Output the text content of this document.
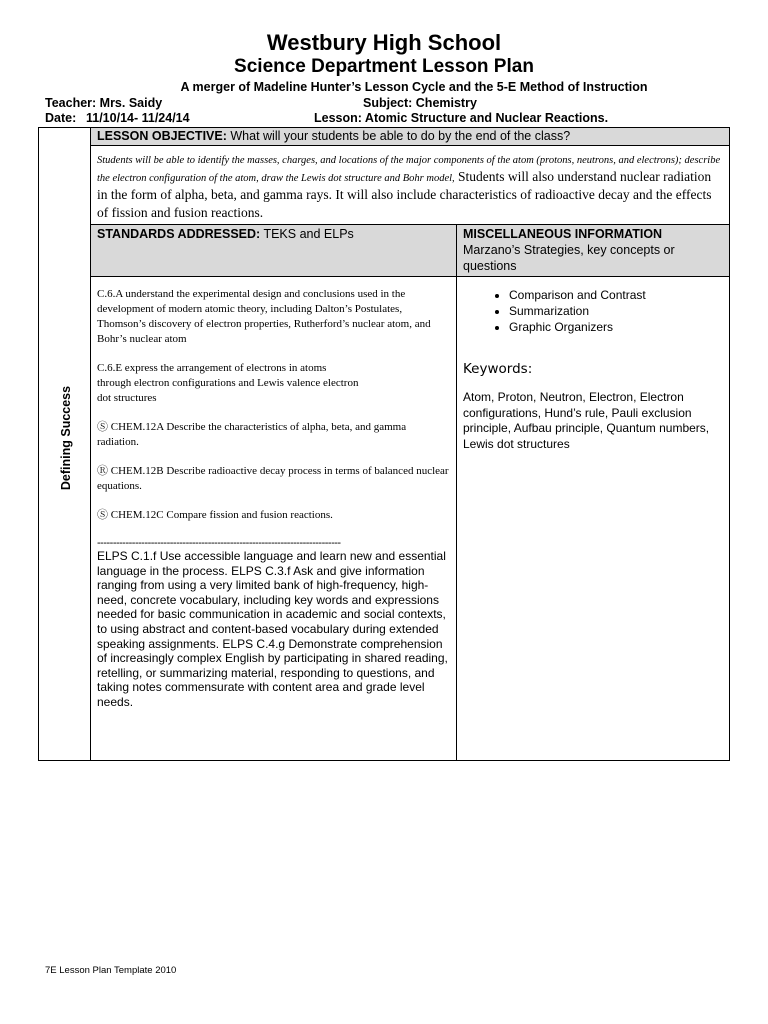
Westbury High School
Science Department Lesson Plan
A merger of Madeline Hunter’s Lesson Cycle and the 5-E Method of Instruction
Teacher: Mrs. Saidy	Subject: Chemistry
Date: 11/10/14- 11/24/14	Lesson: Atomic Structure and Nuclear Reactions.
Defining Success
LESSON OBJECTIVE: What will your students be able to do by the end of the class?
Students will be able to identify the masses, charges, and locations of the major components of the atom (protons, neutrons, and electrons); describe the electron configuration of the atom, draw the Lewis dot structure and Bohr model, Students will also understand nuclear radiation in the form of alpha, beta, and gamma rays. It will also include characteristics of radioactive decay and the effects of fission and fusion reactions.
STANDARDS ADDRESSED: TEKS and ELPs	MISCELLANEOUS INFORMATION
Marzano’s Strategies, key concepts or questions
C.6.A understand the experimental design and conclusions used in the development of modern atomic theory, including Dalton’s Postulates, Thomson’s discovery of electron properties, Rutherford’s nuclear atom, and Bohr’s nuclear atom
C.6.E express the arrangement of electrons in atoms through electron configurations and Lewis valence electron dot structures
Ⓢ CHEM.12A Describe the characteristics of alpha, beta, and gamma radiation.
Ⓡ CHEM.12B Describe radioactive decay process in terms of balanced nuclear equations.
Ⓢ CHEM.12C Compare fission and fusion reactions.
-----------------------------------------------------------------------------
ELPS C.1.f Use accessible language and learn new and essential language in the process. ELPS C.3.f Ask and give information ranging from using a very limited bank of high-frequency, high-need, concrete vocabulary, including key words and expressions needed for basic communication in academic and social contexts, to using abstract and content-based vocabulary during extended speaking assignments. ELPS C.4.g Demonstrate comprehension of increasingly complex English by participating in shared reading, retelling, or summarizing material, responding to questions, and taking notes commensurate with content area and grade level needs.
• Comparison and Contrast
• Summarization
• Graphic Organizers
Keywords:
Atom, Proton, Neutron, Electron, Electron configurations, Hund’s rule, Pauli exclusion principle, Aufbau principle, Quantum numbers, Lewis dot structures
7E Lesson Plan Template 2010
